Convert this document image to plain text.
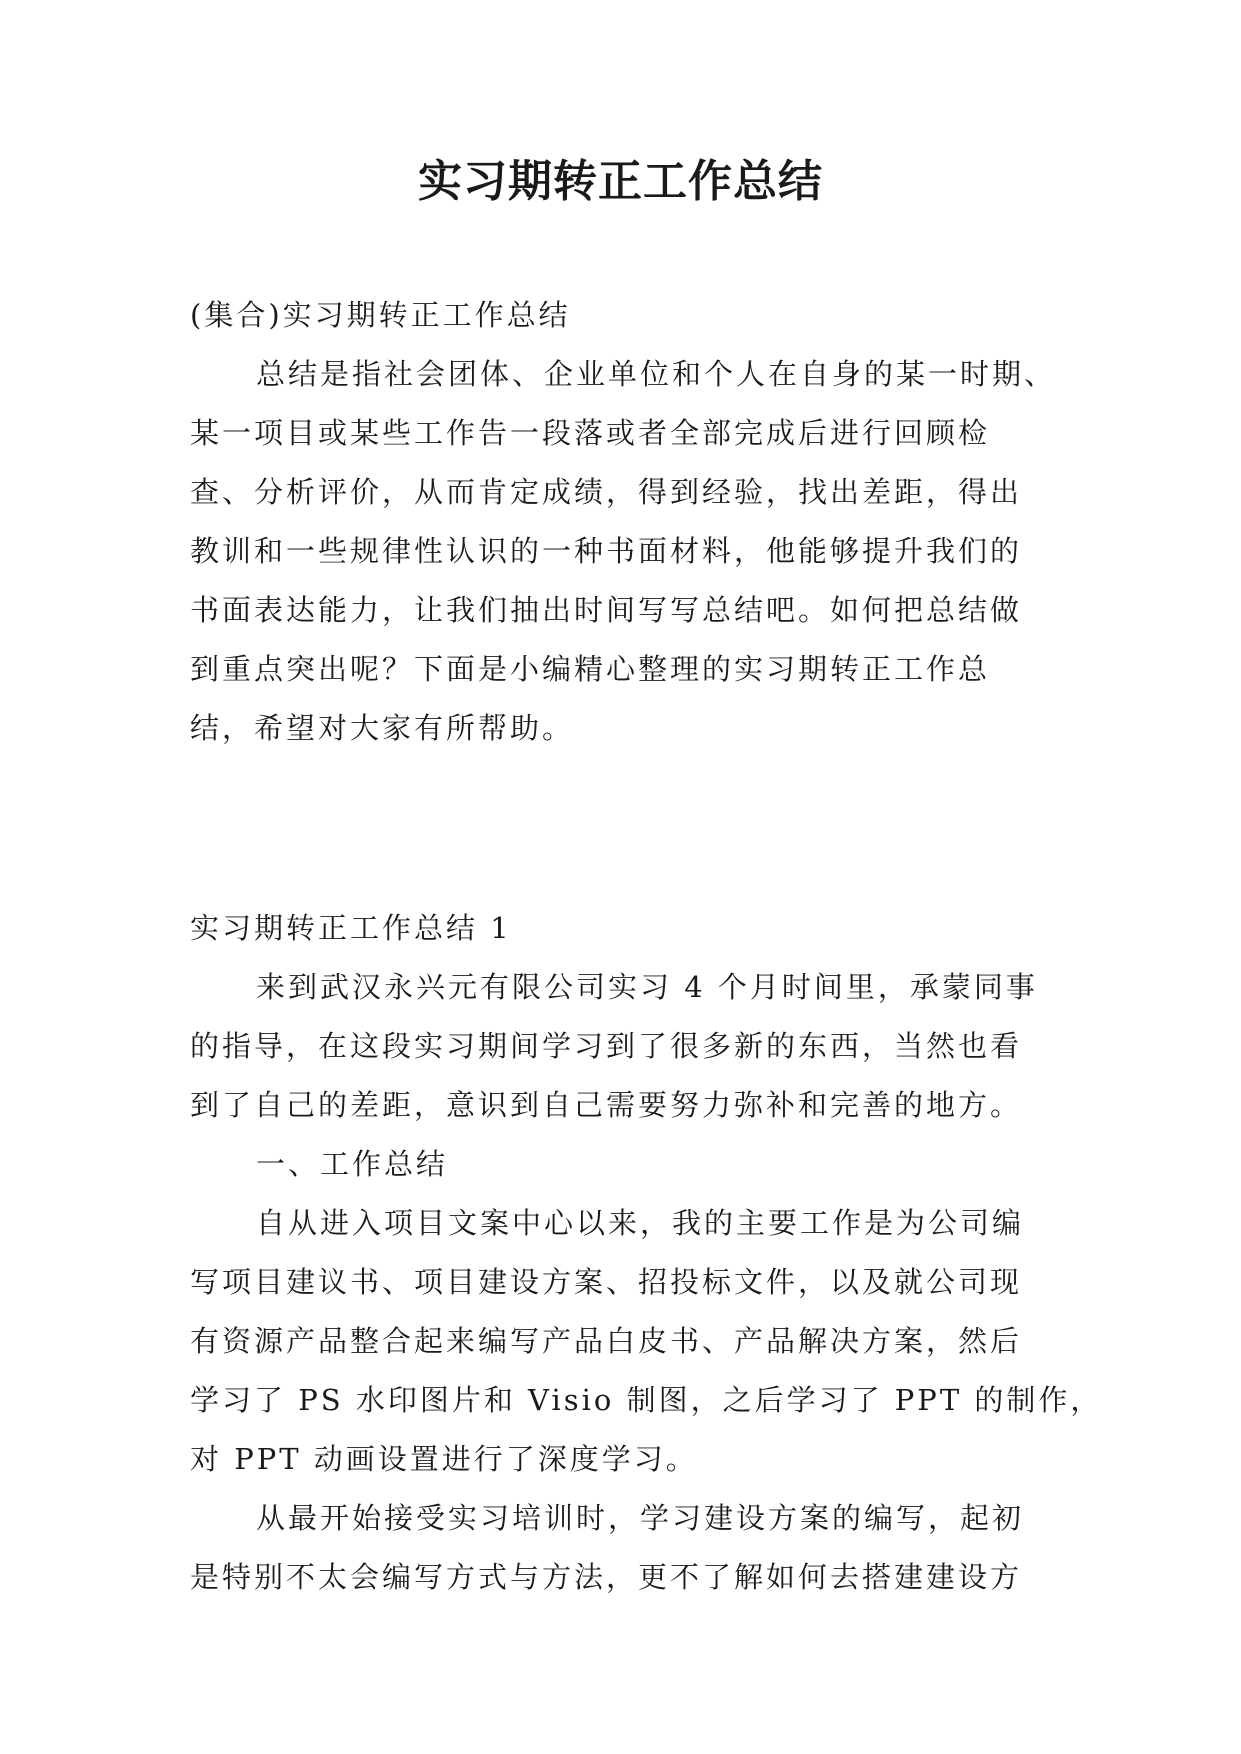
实习期转正工作总结
(集合)实习期转正工作总结
总结是指社会团体、企业单位和个人在自身的某一时期、
某一项目或某些工作告一段落或者全部完成后进行回顾检
查、分析评价，从而肯定成绩，得到经验，找出差距，得出
教训和一些规律性认识的一种书面材料，他能够提升我们的
书面表达能力，让我们抽出时间写写总结吧。如何把总结做
到重点突出呢？下面是小编精心整理的实习期转正工作总
结，希望对大家有所帮助。
实习期转正工作总结 1
来到武汉永兴元有限公司实习 4 个月时间里，承蒙同事
的指导，在这段实习期间学习到了很多新的东西，当然也看
到了自己的差距，意识到自己需要努力弥补和完善的地方。
一、工作总结
自从进入项目文案中心以来，我的主要工作是为公司编
写项目建议书、项目建设方案、招投标文件，以及就公司现
有资源产品整合起来编写产品白皮书、产品解决方案，然后
学习了 PS 水印图片和 Visio 制图，之后学习了 PPT 的制作，
对 PPT 动画设置进行了深度学习。
从最开始接受实习培训时，学习建设方案的编写，起初
是特别不太会编写方式与方法，更不了解如何去搭建建设方
